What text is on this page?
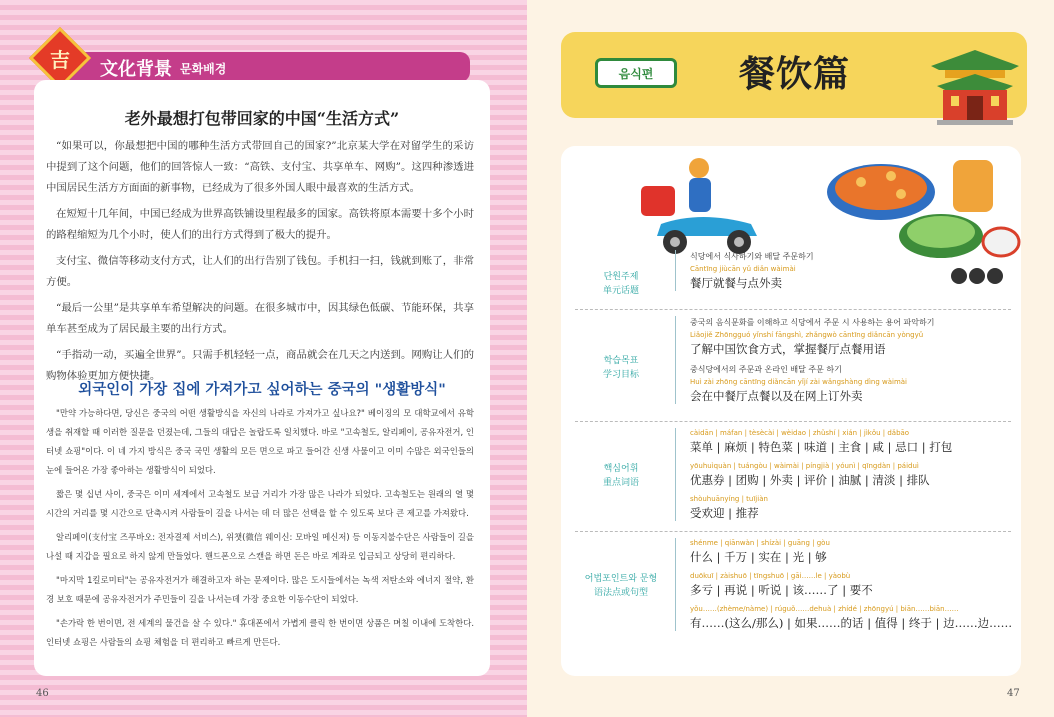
文化背景 문화배경
吉
老外最想打包带回家的中国“生活方式”

“如果可以，你最想把中国的哪种生活方式带回自己的国家?”北京某大学在对留学生的采访中提到了这个问题，他们的回答惊人一致：“高铁、支付宝、共享单车、网购”。这四种渗透进中国居民生活方方面面的新事物，已经成为了很多外国人眼中最喜欢的生活方式。

在短短十几年间，中国已经成为世界高铁铺设里程最多的国家。高铁将原本需要十多个小时的路程缩短为几个小时，使人们的出行方式得到了极大的提升。

支付宝、微信等移动支付方式，让人们的出行告别了钱包。手机扫一扫，钱就到账了，非常方便。

“最后一公里”是共享单车希望解决的问题。在很多城市中，因其绿色低碳、节能环保，共享单车甚至成为了居民最主要的出行方式。

“手指动一动，买遍全世界”。只需手机轻轻一点，商品就会在几天之内送到。网购让人们的购物体验更加方便快捷。

외국인이 가장 집에 가져가고 싶어하는 중국의 "생활방식"

"만약 가능하다면, 당신은 중국의 어떤 생활방식을 자신의 나라로 가져가고 싶나요?" 베이징의 모 대학교에서 유학생을 취재할 때 이러한 질문을 던졌는데, 그들의 대답은 놀랍도록 일치했다. 바로 "고속철도, 알리페이, 공유자전거, 인터넷 쇼핑"이다. 이 네 가지 방식은 중국 국민 생활의 모든 면으로 파고 들어간 신생 사물이고 이미 수많은 외국인들의 눈에 들어온 가장 좋아하는 생활방식이 되었다.

짧은 몇 십년 사이, 중국은 이미 세계에서 고속철도 보급 거리가 가장 많은 나라가 되었다. 고속철도는 원래의 열 몇 시간의 거리를 몇 시간으로 단축시켜 사람들이 길을 나서는 데 더 많은 선택을 할 수 있도록 보다 큰 제고를 가져왔다.

알리페이(支付宝 즈푸바오: 전자결제 서비스), 위챗(微信 웨이신: 모바일 메신저) 등 이동지불수단은 사람들이 길을 나설 때 지갑을 필요로 하지 않게 만들었다. 핸드폰으로 스캔을 하면 돈은 바로 계좌로 입금되고 상당히 편리하다.

"마지막 1킬로미터"는 공유자전거가 해결하고자 하는 문제이다. 많은 도시들에서는 녹색 저탄소와 에너지 절약, 환경 보호 때문에 공유자전거가 주민들이 길을 나서는데 가장 중요한 이동수단이 되었다.

"손가락 한 번이면, 전 세계의 물건을 살 수 있다." 휴대폰에서 가볍게 클릭 한 번이면 상품은 며칠 이내에 도착한다. 인터넷 쇼핑은 사람들의 쇼핑 체험을 더 편리하고 빠르게 만든다.

46
음식편	餐饮篇
단원주제
单元话题
식당에서 식사하기와 배달 주문하기
Cāntīng jiùcān yǔ diǎn wàimài
餐厅就餐与点外卖
학습목표
学习目标
중국의 음식문화를 이해하고 식당에서 주문 시 사용하는 용어 파악하기
Liǎojiě Zhōngguó yǐnshí fāngshì, zhǎngwò cāntīng diǎncān yòngyǔ
了解中国饮食方式，掌握餐厅点餐用语
중식당에서의 주문과 온라인 배달 주문 하기
Huì zài zhōng cāntīng diǎncān yǐjí zài wǎngshàng dìng wàimài
会在中餐厅点餐以及在网上订外卖
핵심어휘
重点词语
càidān | máfan | tèsècài | wèidao | zhǔshí | xián | jìkǒu | dǎbāo
菜单 | 麻烦 | 特色菜 | 味道 | 主食 | 咸 | 忌口 | 打包
yōuhuìquàn | tuángòu | wàimài | píngjià | yóunì | qīngdàn | páiduì
优惠券 | 团购 | 外卖 | 评价 | 油腻 | 清淡 | 排队
shòuhuānyíng | tuījiàn
受欢迎 | 推荐
어법포인트와 문형
语法点或句型
shénme | qiānwàn | shízài | guāng | gòu
什么 | 千万 | 实在 | 光 | 够
duōkuī | zàishuō | tīngshuō | gāi……le | yàobù
多亏 | 再说 | 听说 | 该……了 | 要不
yǒu……(zhème/nàme) | rúguǒ……dehuà | zhídé | zhōngyú | biān……biān……
有……(这么/那么) | 如果……的话 | 值得 | 终于 | 边……边……
47
